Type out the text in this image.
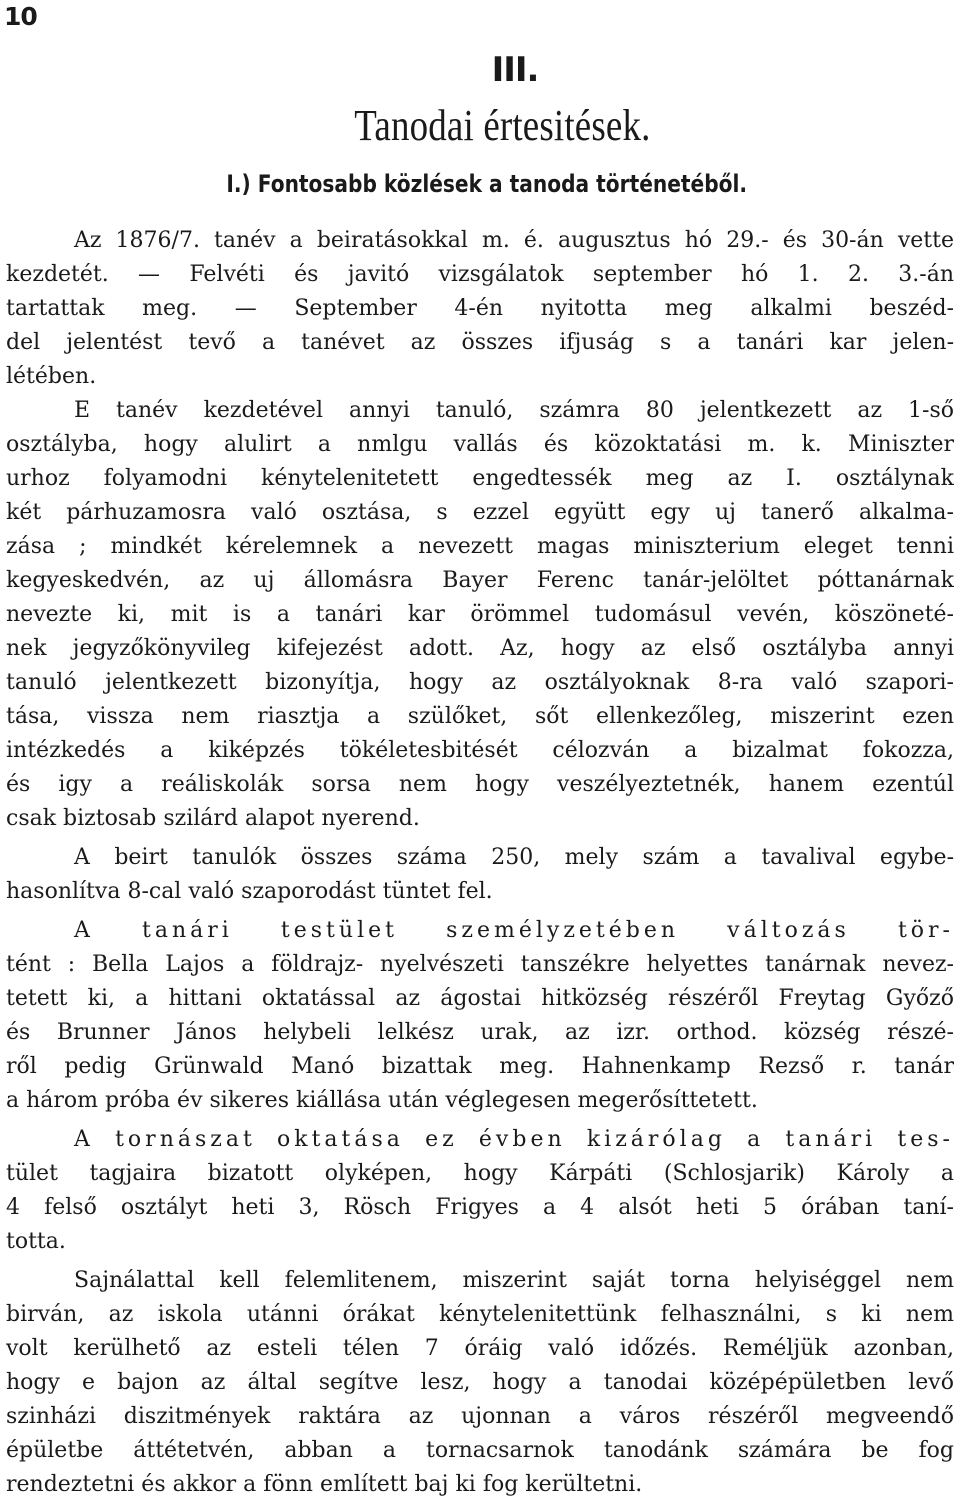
10
III.
Tanodai értesitések.
I.) Fontosabb közlések a tanoda történetéből.
Az 1876/7. tanév a beiratásokkal m. é. augusztus hó 29.- és 30-án vette
kezdetét. — Felvéti és javitó vizsgálatok september hó 1. 2. 3.-án
tartattak meg. — September 4-én nyitotta meg alkalmi beszéd-
del jelentést tevő a tanévet az összes ifjuság s a tanári kar jelen-
létében.
E tanév kezdetével annyi tanuló, számra 80 jelentkezett az 1-ső
osztályba, hogy alulirt a nmlgu vallás és közoktatási m. k. Miniszter
urhoz folyamodni kénytelenitetett engedtessék meg az I. osztálynak
két párhuzamosra való osztása, s ezzel együtt egy uj tanerő alkalma-
zása ; mindkét kérelemnek a nevezett magas miniszterium eleget tenni
kegyeskedvén, az uj állomásra Bayer Ferenc tanár-jelöltet póttanárnak
nevezte ki, mit is a tanári kar örömmel tudomásul vevén, köszöneté-
nek jegyzőkönyvileg kifejezést adott. Az, hogy az első osztályba annyi
tanuló jelentkezett bizonyítja, hogy az osztályoknak 8-ra való szapori-
tása, vissza nem riasztja a szülőket, sőt ellenkezőleg, miszerint ezen
intézkedés a kiképzés tökéletesbitését célozván a bizalmat fokozza,
és igy a reáliskolák sorsa nem hogy veszélyeztetnék, hanem ezentúl
csak biztosab szilárd alapot nyerend.
A beirt tanulók összes száma 250, mely szám a tavalival egybe-
hasonlítva 8-cal való szaporodást tüntet fel.
A tanári testület személyzetében változás tör-
tént : Bella Lajos a földrajz- nyelvészeti tanszékre helyettes tanárnak nevez-
tetett ki, a hittani oktatással az ágostai hitközség részéről Freytag Győző
és Brunner János helybeli lelkész urak, az izr. orthod. község részé-
ről pedig Grünwald Manó bizattak meg. Hahnenkamp Rezső r. tanár
a három próba év sikeres kiállása után véglegesen megerősíttetett.
A tornászat oktatása ez évben kizárólag a tanári tes-
tület tagjaira bizatott olyképen, hogy Kárpáti (Schlosjarik) Károly a
4 felső osztályt heti 3, Rösch Frigyes a 4 alsót heti 5 órában taní-
totta.
Sajnálattal kell felemlitenem, miszerint saját torna helyiséggel nem
birván, az iskola utánni órákat kénytelenitettünk felhasználni, s ki nem
volt kerülhető az esteli télen 7 óráig való időzés. Reméljük azonban,
hogy e bajon az által segítve lesz, hogy a tanodai középépületben levő
szinházi diszitmények raktára az ujonnan a város részéről megveendő
épületbe áttétetvén, abban a tornacsarnok tanodánk számára be fog
rendeztetni és akkor a fönn említett baj ki fog kerültetni.
